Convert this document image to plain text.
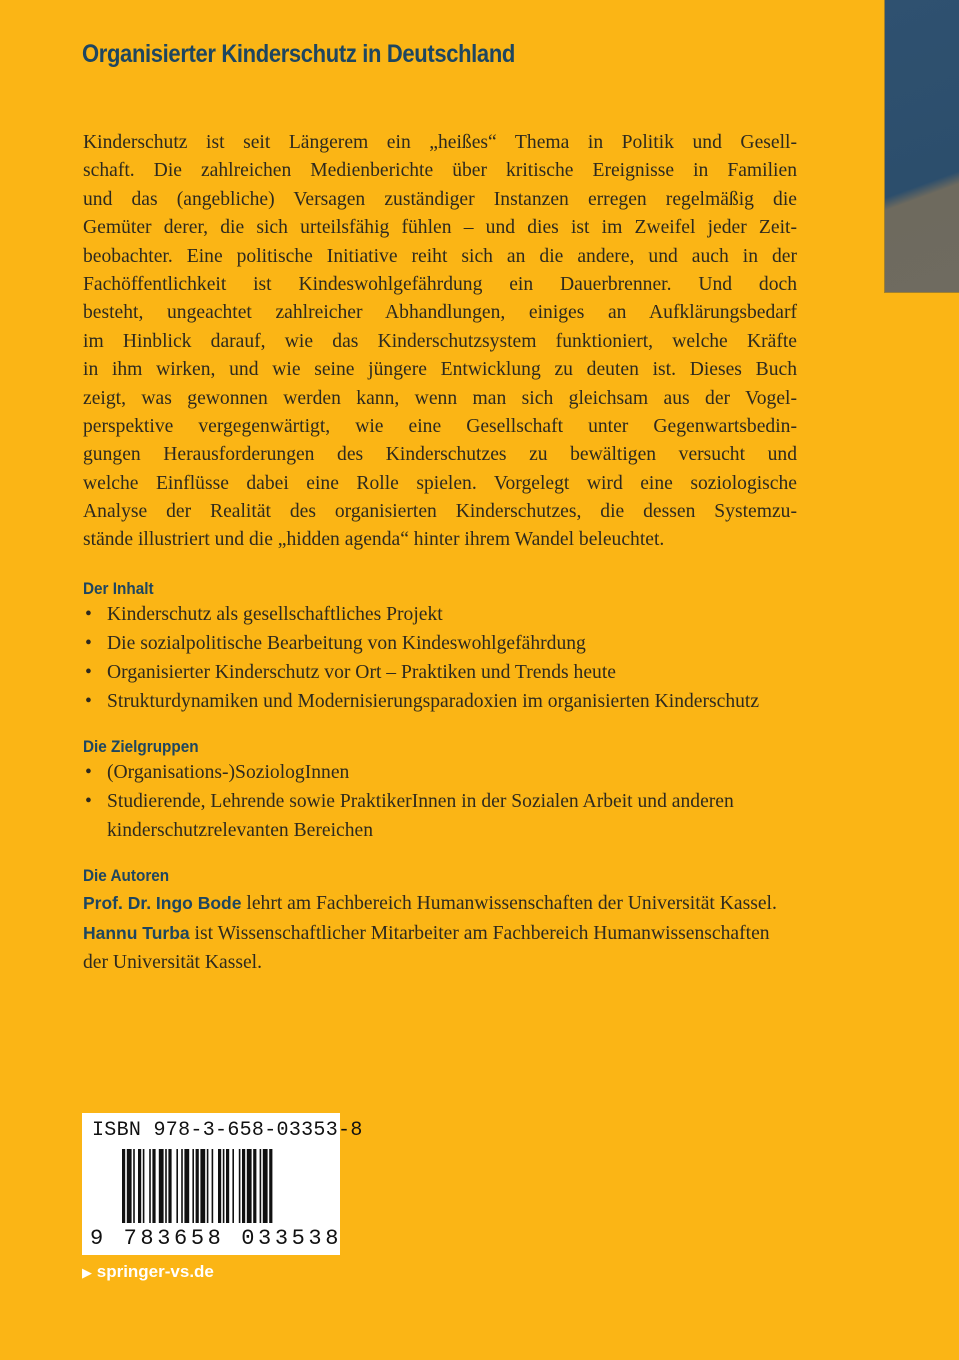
Organisierter Kinderschutz in Deutschland
Kinderschutz ist seit Längerem ein „heißes“ Thema in Politik und Gesell-
schaft. Die zahlreichen Medienberichte über kritische Ereignisse in Familien
und das (angebliche) Versagen zuständiger Instanzen erregen regelmäßig die
Gemüter derer, die sich urteilsfähig fühlen – und dies ist im Zweifel jeder Zeit-
beobachter. Eine politische Initiative reiht sich an die andere, und auch in der
Fachöffentlichkeit ist Kindeswohlgefährdung ein Dauerbrenner. Und doch
besteht, ungeachtet zahlreicher Abhandlungen, einiges an Aufklärungsbedarf
im Hinblick darauf, wie das Kinderschutzsystem funktioniert, welche Kräfte
in ihm wirken, und wie seine jüngere Entwicklung zu deuten ist. Dieses Buch
zeigt, was gewonnen werden kann, wenn man sich gleichsam aus der Vogel-
perspektive vergegenwärtigt, wie eine Gesellschaft unter Gegenwartsbedin-
gungen Herausforderungen des Kinderschutzes zu bewältigen versucht und
welche Einflüsse dabei eine Rolle spielen. Vorgelegt wird eine soziologische
Analyse der Realität des organisierten Kinderschutzes, die dessen Systemzu-
stände illustriert und die „hidden agenda“ hinter ihrem Wandel beleuchtet.
Der Inhalt
• Kinderschutz als gesellschaftliches Projekt
• Die sozialpolitische Bearbeitung von Kindeswohlgefährdung
• Organisierter Kinderschutz vor Ort – Praktiken und Trends heute
• Strukturdynamiken und Modernisierungsparadoxien im organisierten Kinderschutz
Die Zielgruppen
• (Organisations-)SoziologInnen
• Studierende, Lehrende sowie PraktikerInnen in der Sozialen Arbeit und anderen kinderschutzrelevanten Bereichen
Die Autoren
Prof. Dr. Ingo Bode lehrt am Fachbereich Humanwissenschaften der Universität Kassel.
Hannu Turba ist Wissenschaftlicher Mitarbeiter am Fachbereich Humanwissenschaften der Universität Kassel.
ISBN 978-3-658-03353-8
9 783658 033538
▶ springer-vs.de
